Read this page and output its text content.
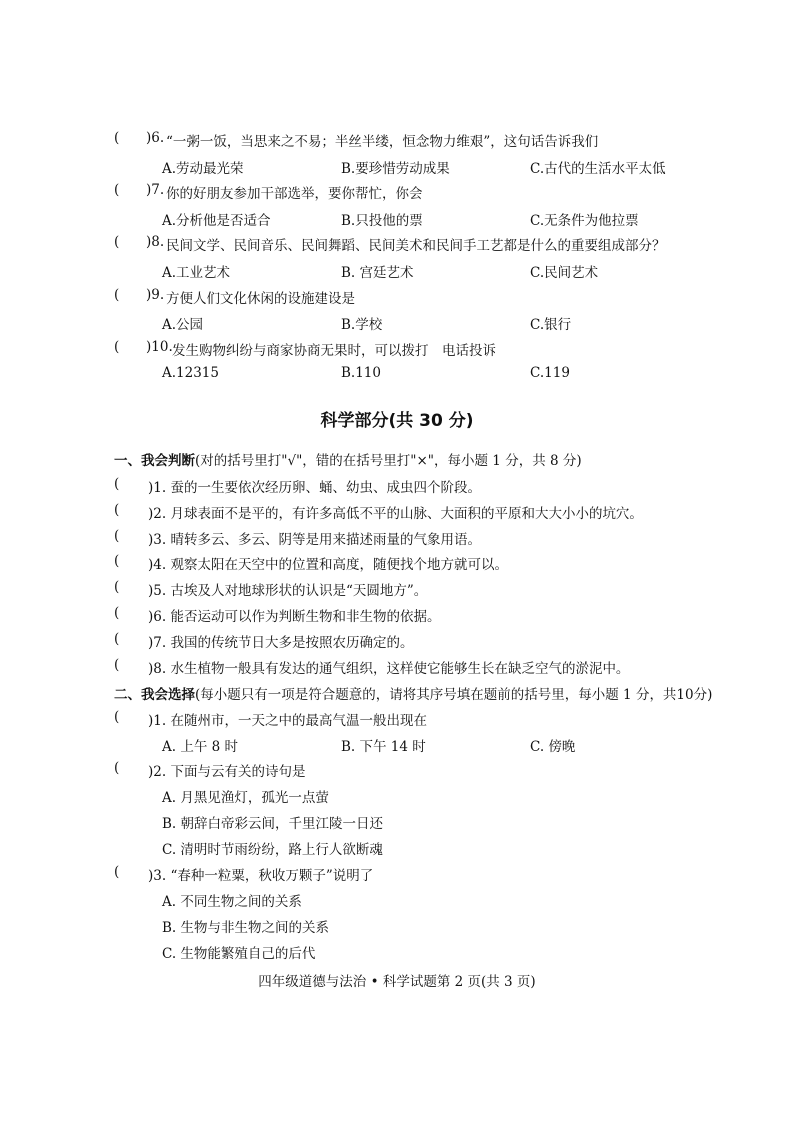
( )6. “一粥一饭，当思来之不易；半丝半缕，恒念物力维艰”，这句话告诉我们
A.劳动最光荣	B.要珍惜劳动成果	C.古代的生活水平太低
( )7. 你的好朋友参加干部选举，要你帮忙，你会
A.分析他是否适合	B.只投他的票	C.无条件为他拉票
( )8. 民间文学、民间音乐、民间舞蹈、民间美术和民间手工艺都是什么的重要组成部分？
A.工业艺术	B. 宫廷艺术	C.民间艺术
( )9. 方便人们文化休闲的设施建设是
A.公园	B.学校	C.银行
( )10. 发生购物纠纷与商家协商无果时，可以拨打　电话投诉
A.12315	B.110	C.119
科学部分(共 30 分)
一、我会判断(对的括号里打"√"，错的在括号里打"×"，每小题 1 分，共 8 分)
( )1. 蚕的一生要依次经历卵、蛹、幼虫、成虫四个阶段。
( )2. 月球表面不是平的，有许多高低不平的山脉、大面积的平原和大大小小的坑穴。
( )3. 晴转多云、多云、阴等是用来描述雨量的气象用语。
( )4. 观察太阳在天空中的位置和高度，随便找个地方就可以。
( )5. 古埃及人对地球形状的认识是“天圆地方”。
( )6. 能否运动可以作为判断生物和非生物的依据。
( )7. 我国的传统节日大多是按照农历确定的。
( )8. 水生植物一般具有发达的通气组织，这样使它能够生长在缺乏空气的淤泥中。
二、我会选择(每小题只有一项是符合题意的，请将其序号填在题前的括号里，每小题 1 分，共10分)
( )1. 在随州市，一天之中的最高气温一般出现在
A. 上午 8 时	B. 下午 14 时	C. 傍晚
( )2. 下面与云有关的诗句是
A. 月黑见渔灯，孤光一点萤
B. 朝辞白帝彩云间，千里江陵一日还
C. 清明时节雨纷纷，路上行人欲断魂
( )3. “春种一粒粟，秋收万颗子”说明了
A. 不同生物之间的关系
B. 生物与非生物之间的关系
C. 生物能繁殖自己的后代
四年级道德与法治 • 科学试题第 2 页(共 3 页)
